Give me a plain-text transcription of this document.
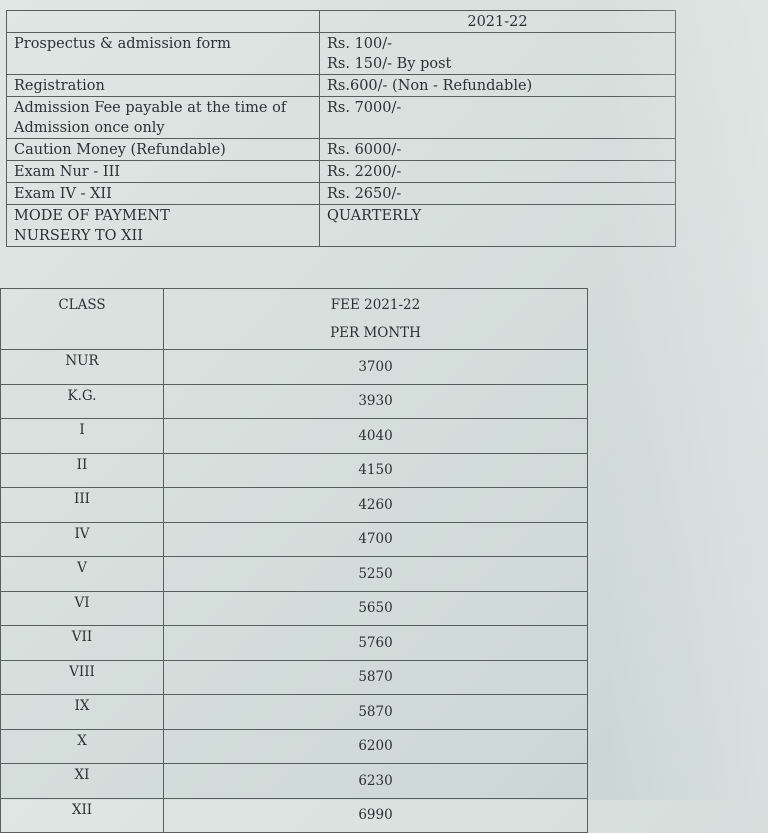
	2021-22

Prospectus & admission form	Rs. 100/-
Rs. 150/- By post

Registration	Rs.600/- (Non - Refundable)

Admission Fee payable at the time of
Admission once only	Rs. 7000/-

Caution Money (Refundable)	Rs. 6000/-

Exam Nur - III	Rs. 2200/-

Exam IV - XII	Rs. 2650/-

MODE OF PAYMENT
NURSERY TO XII	QUARTERLY
CLASS	FEE 2021-22
PER MONTH

NUR	3700
K.G.	3930
I	4040
II	4150
III	4260
IV	4700
V	5250
VI	5650
VII	5760
VIII	5870
IX	5870
X	6200
XI	6230
XII	6990
